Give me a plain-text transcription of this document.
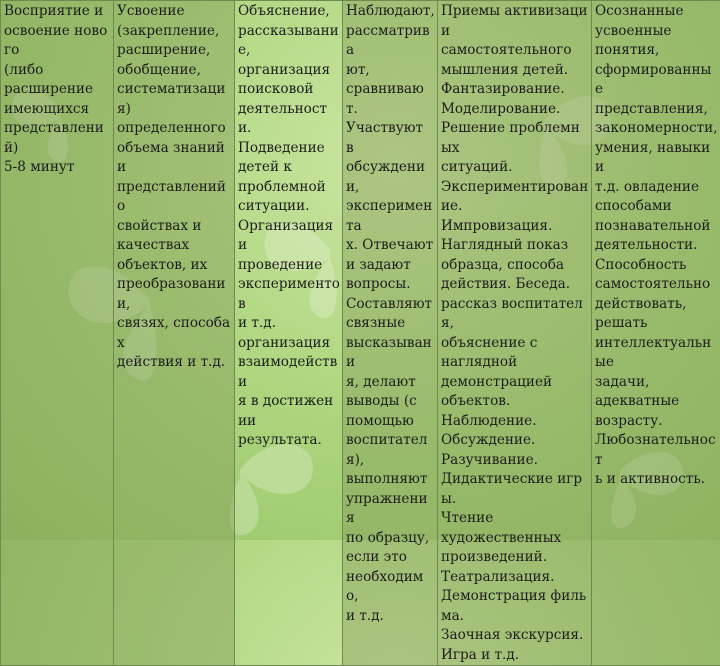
Восприятие и
освоение нового
(либо
расширение
имеющихся
представлений)
5-8 минут	Усвоение
(закрепление,
расширение,
обобщение,
систематизация)
определенного
объема знаний и
представлений о
свойствах и
качествах
объектов, их
преобразовании,
связях, способах
действия и т.д.	Объяснение,
рассказывание,
организация
поисковой
деятельности.
Подведение
детей к
проблемной
ситуации.
Организация и
проведение
экспериментов
и т.д.
организация
взаимодействи
я в достижении
результата.	Наблюдают,
рассматрива
ют,
сравнивают.
Участвуют в
обсуждении,
эксперимента
х. Отвечают
и задают
вопросы.
Составляют
связные
высказывани
я, делают
выводы (с
помощью
воспитателя),
выполняют
упражнения
по образцу,
если это
необходимо,
и т.д.	Приемы активизации
самостоятельного
мышления детей.
Фантазирование.
Моделирование.
Решение проблемных
ситуаций.
Экспериментирование.
Импровизация.
Наглядный показ
образца, способа
действия. Беседа.
рассказ воспитателя,
объяснение с
наглядной
демонстрацией
объектов.
Наблюдение.
Обсуждение.
Разучивание.
Дидактические игры.
Чтение
художественных
произведений.
Театрализация.
Демонстрация фильма.
Заочная экскурсия.
Игра и т.д.	Осознанные
усвоенные
понятия,
сформированные
представления,
закономерности,
умения, навыки и
т.д. овладение
способами
познавательной
деятельности.
Способность
самостоятельно
действовать,
решать
интеллектуальные
задачи,
адекватные
возрасту.
Любознательност
ь и активность.
